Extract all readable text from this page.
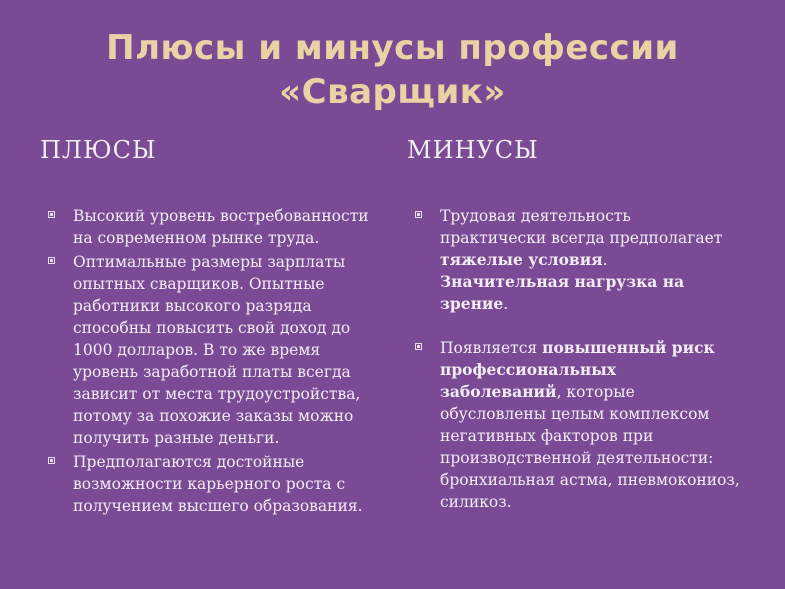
Плюсы и минусы профессии «Сварщик»
ПЛЮСЫ	МИНУСЫ
Высокий уровень востребованности на современном рынке труда.
Оптимальные размеры зарплаты опытных сварщиков. Опытные работники высокого разряда способны повысить свой доход до 1000 долларов. В то же время уровень заработной платы всегда зависит от места трудоустройства, потому за похожие заказы можно получить разные деньги.
Предполагаются достойные возможности карьерного роста с получением высшего образования.
Трудовая деятельность практически всегда предполагает тяжелые условия. Значительная нагрузка на зрение.
Появляется повышенный риск профессиональных заболеваний, которые обусловлены целым комплексом негативных факторов при производственной деятельности: бронхиальная астма, пневмокониоз, силикоз.
